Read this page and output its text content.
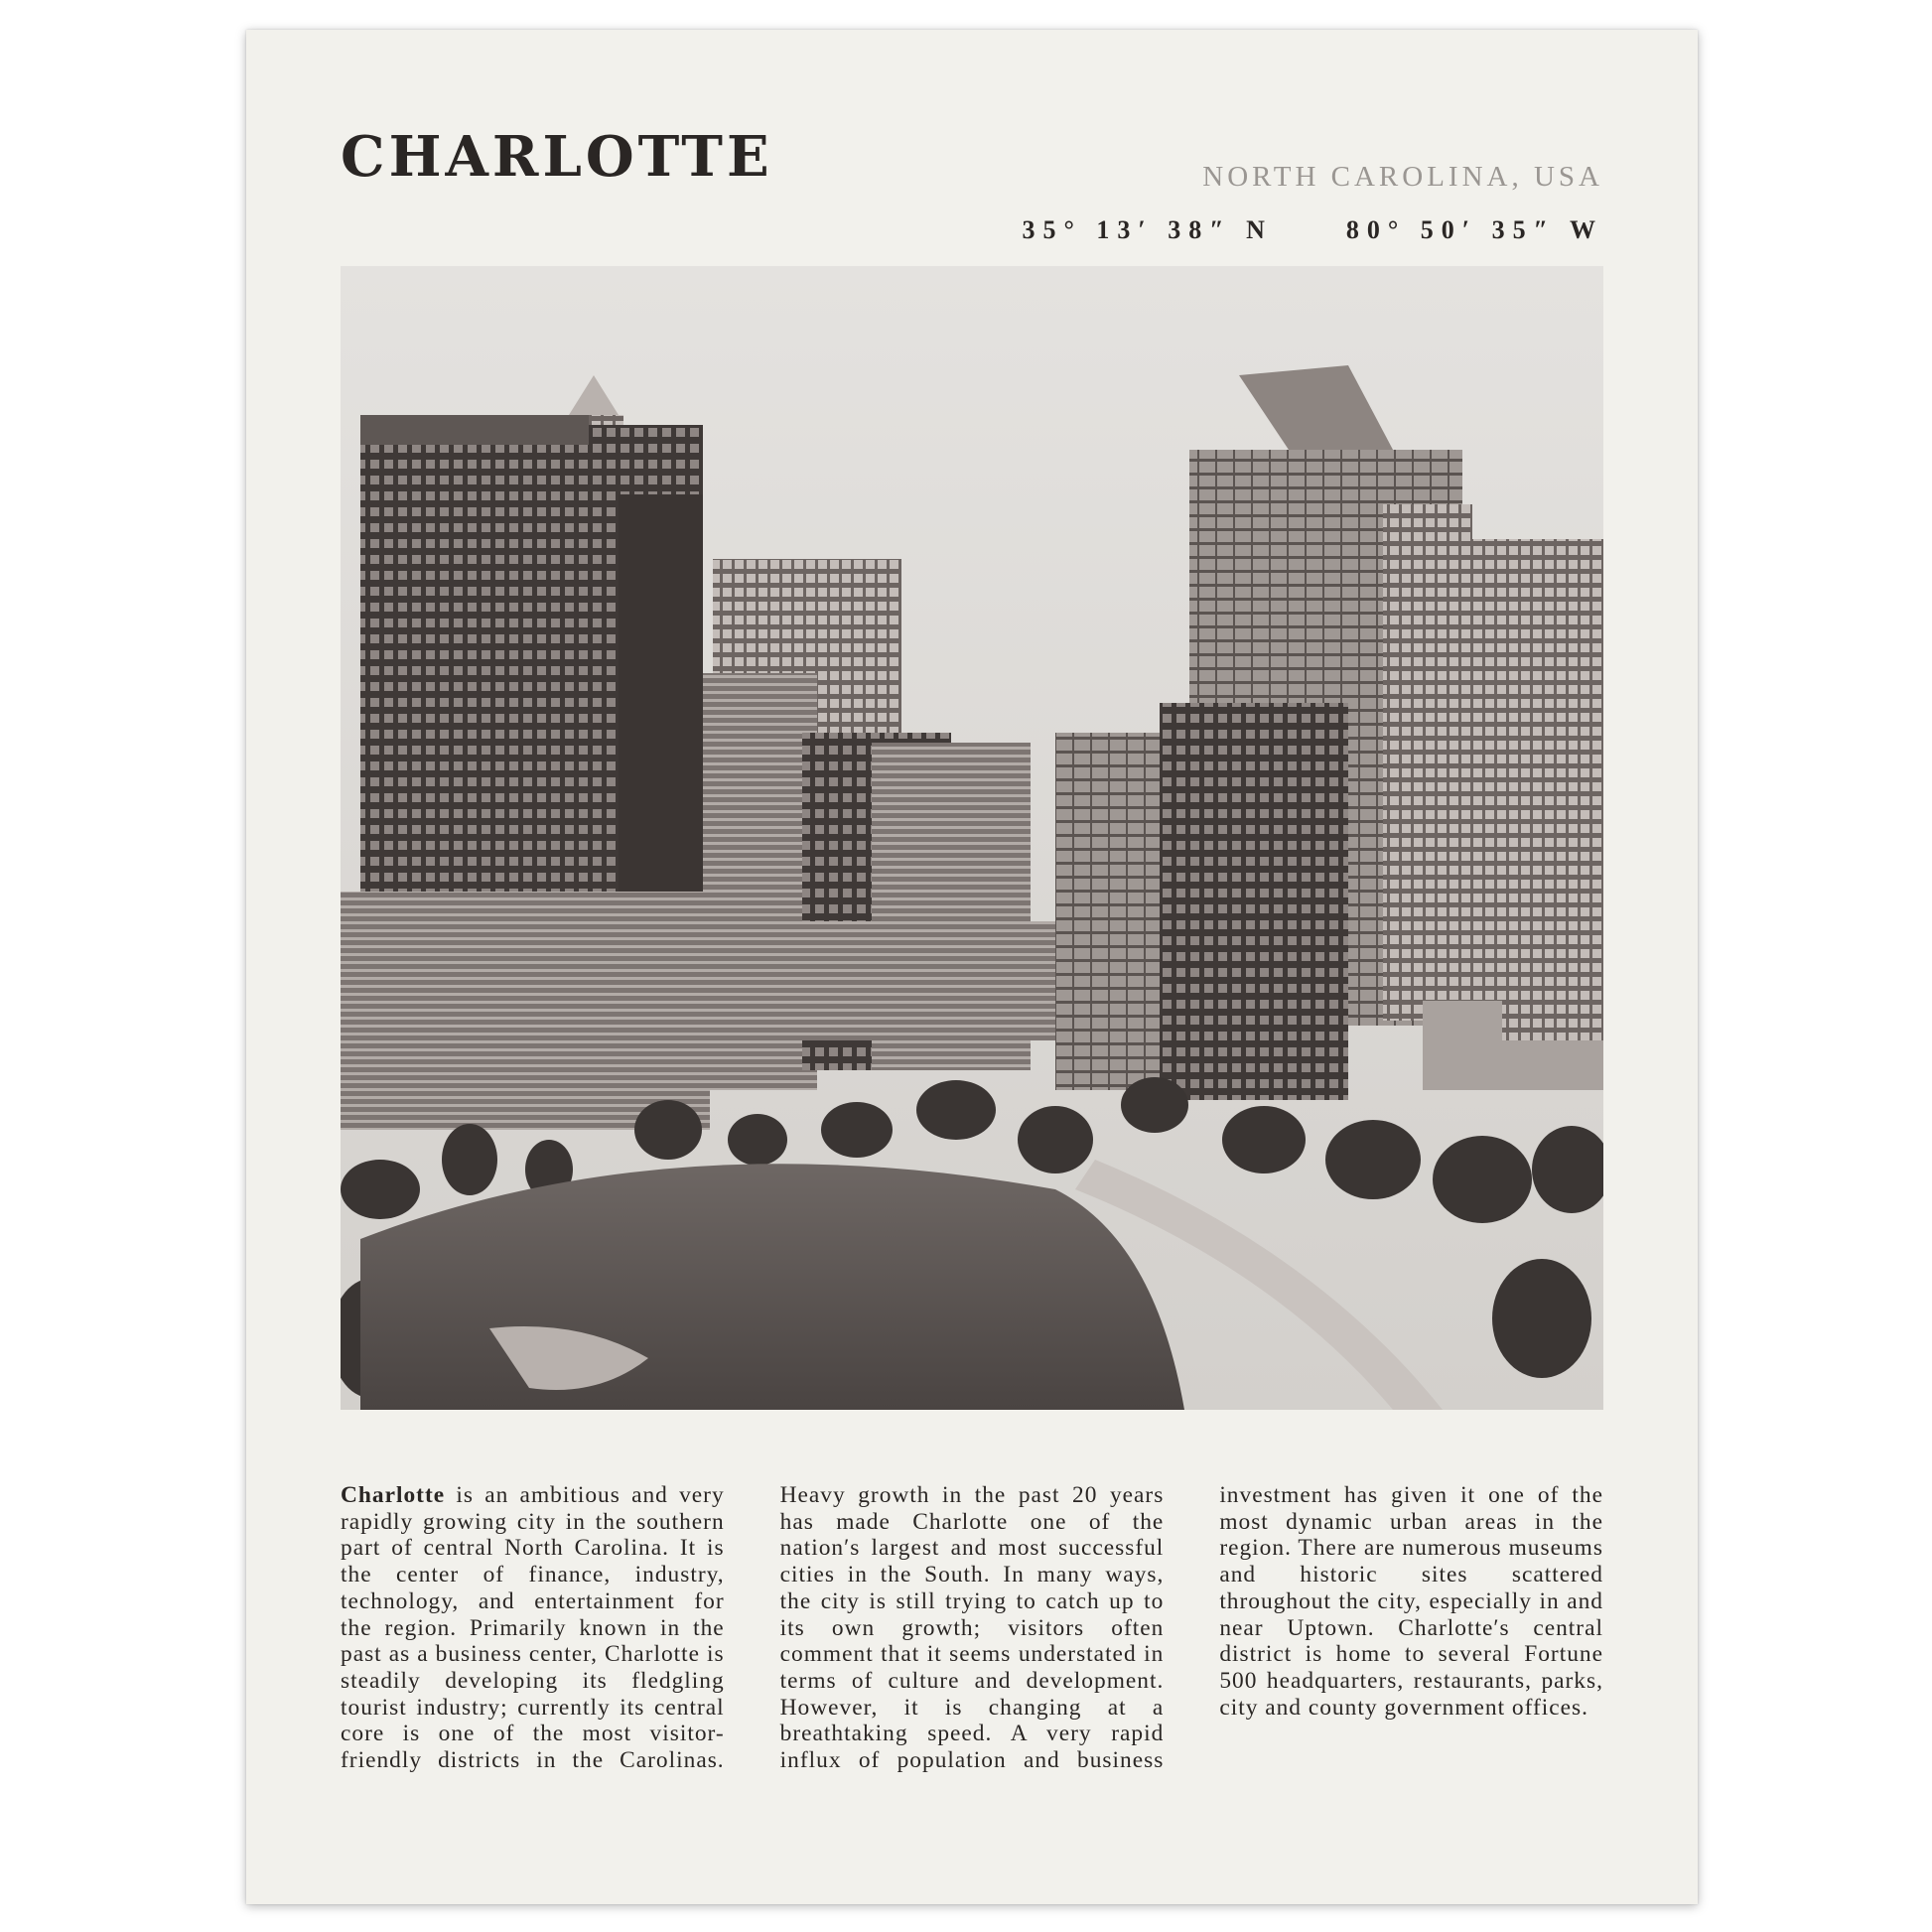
CHARLOTTE	NORTH CAROLINA, USA
35° 13′ 38″ N	80° 50′ 35″ W
Charlotte is an ambitious and very rapidly growing city in the southern part of central North Carolina. It is the center of finance, industry, technology, and entertainment for the region. Primarily known in the past as a business center, Charlotte is steadily developing its fledgling tourist industry; currently its central core is one of the most visitor-friendly districts in the Carolinas. Heavy growth in the past 20 years has made Charlotte one of the nation′s largest and most successful cities in the South. In many ways, the city is still trying to catch up to its own growth; visitors often comment that it seems understated in terms of culture and development. However, it is changing at a breathtaking speed. A very rapid influx of population and business investment has given it one of the most dynamic urban areas in the region. There are numerous museums and historic sites scattered throughout the city, especially in and near Uptown. Charlotte′s central district is home to several Fortune 500 headquarters, restaurants, parks, city and county government offices.
